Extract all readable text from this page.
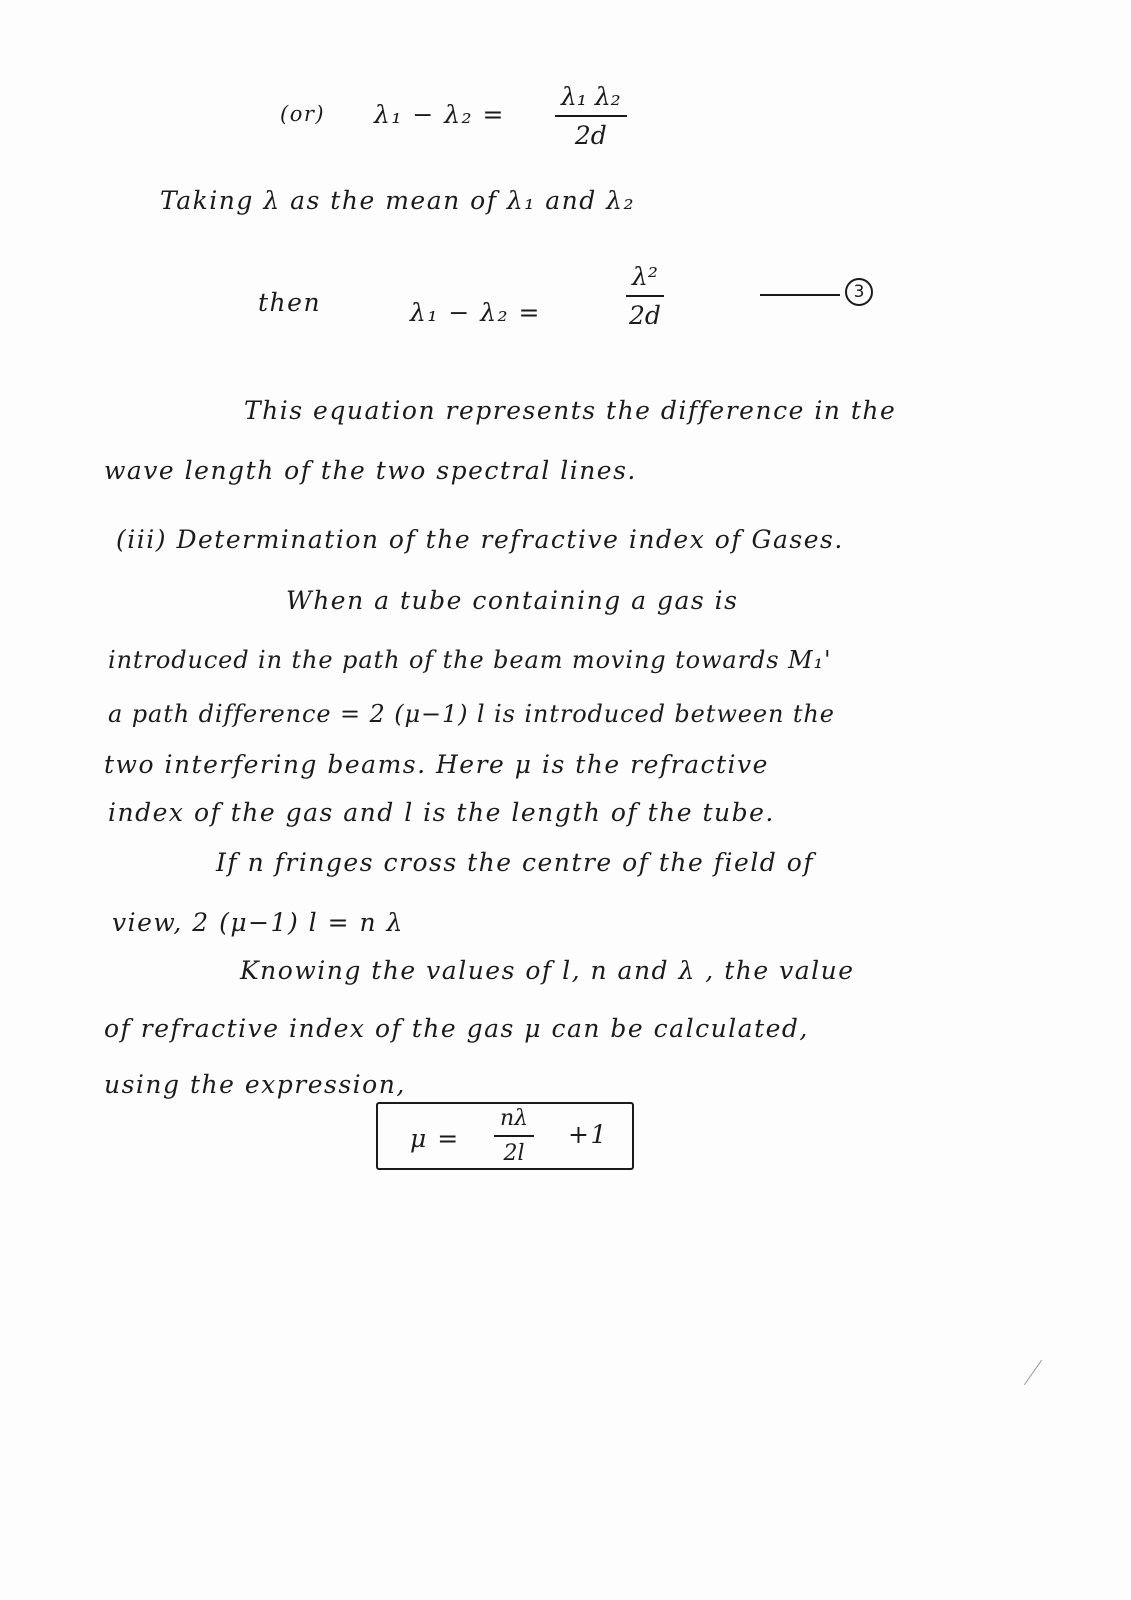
(or) $\lambda_1 - \lambda_2 = \frac{\text{λ₁ λ₂}}{2d}$
Taking λ as the mean of λ₁ and λ₂
then	λ₁ − λ₂ =	$\frac{\text{λ²}}{2d}$	3
This equation represents the difference in the
wave length of the two spectral lines.
(iii) Determination of the refractive index of Gases.
When a tube containing a gas is
introduced in the path of the beam moving towards M₁'
a path difference = 2 (μ−1) l is introduced between the
two interfering beams. Here μ is the refractive
index of the gas and l is the length of the tube.
If n fringes cross the centre of the field of
view, 2 (μ−1) l = n λ
Knowing the values of l, n and λ , the value
of refractive index of the gas μ can be calculated,
using the expression,
$\mu = \frac{n\lambda}{2l} +1$
